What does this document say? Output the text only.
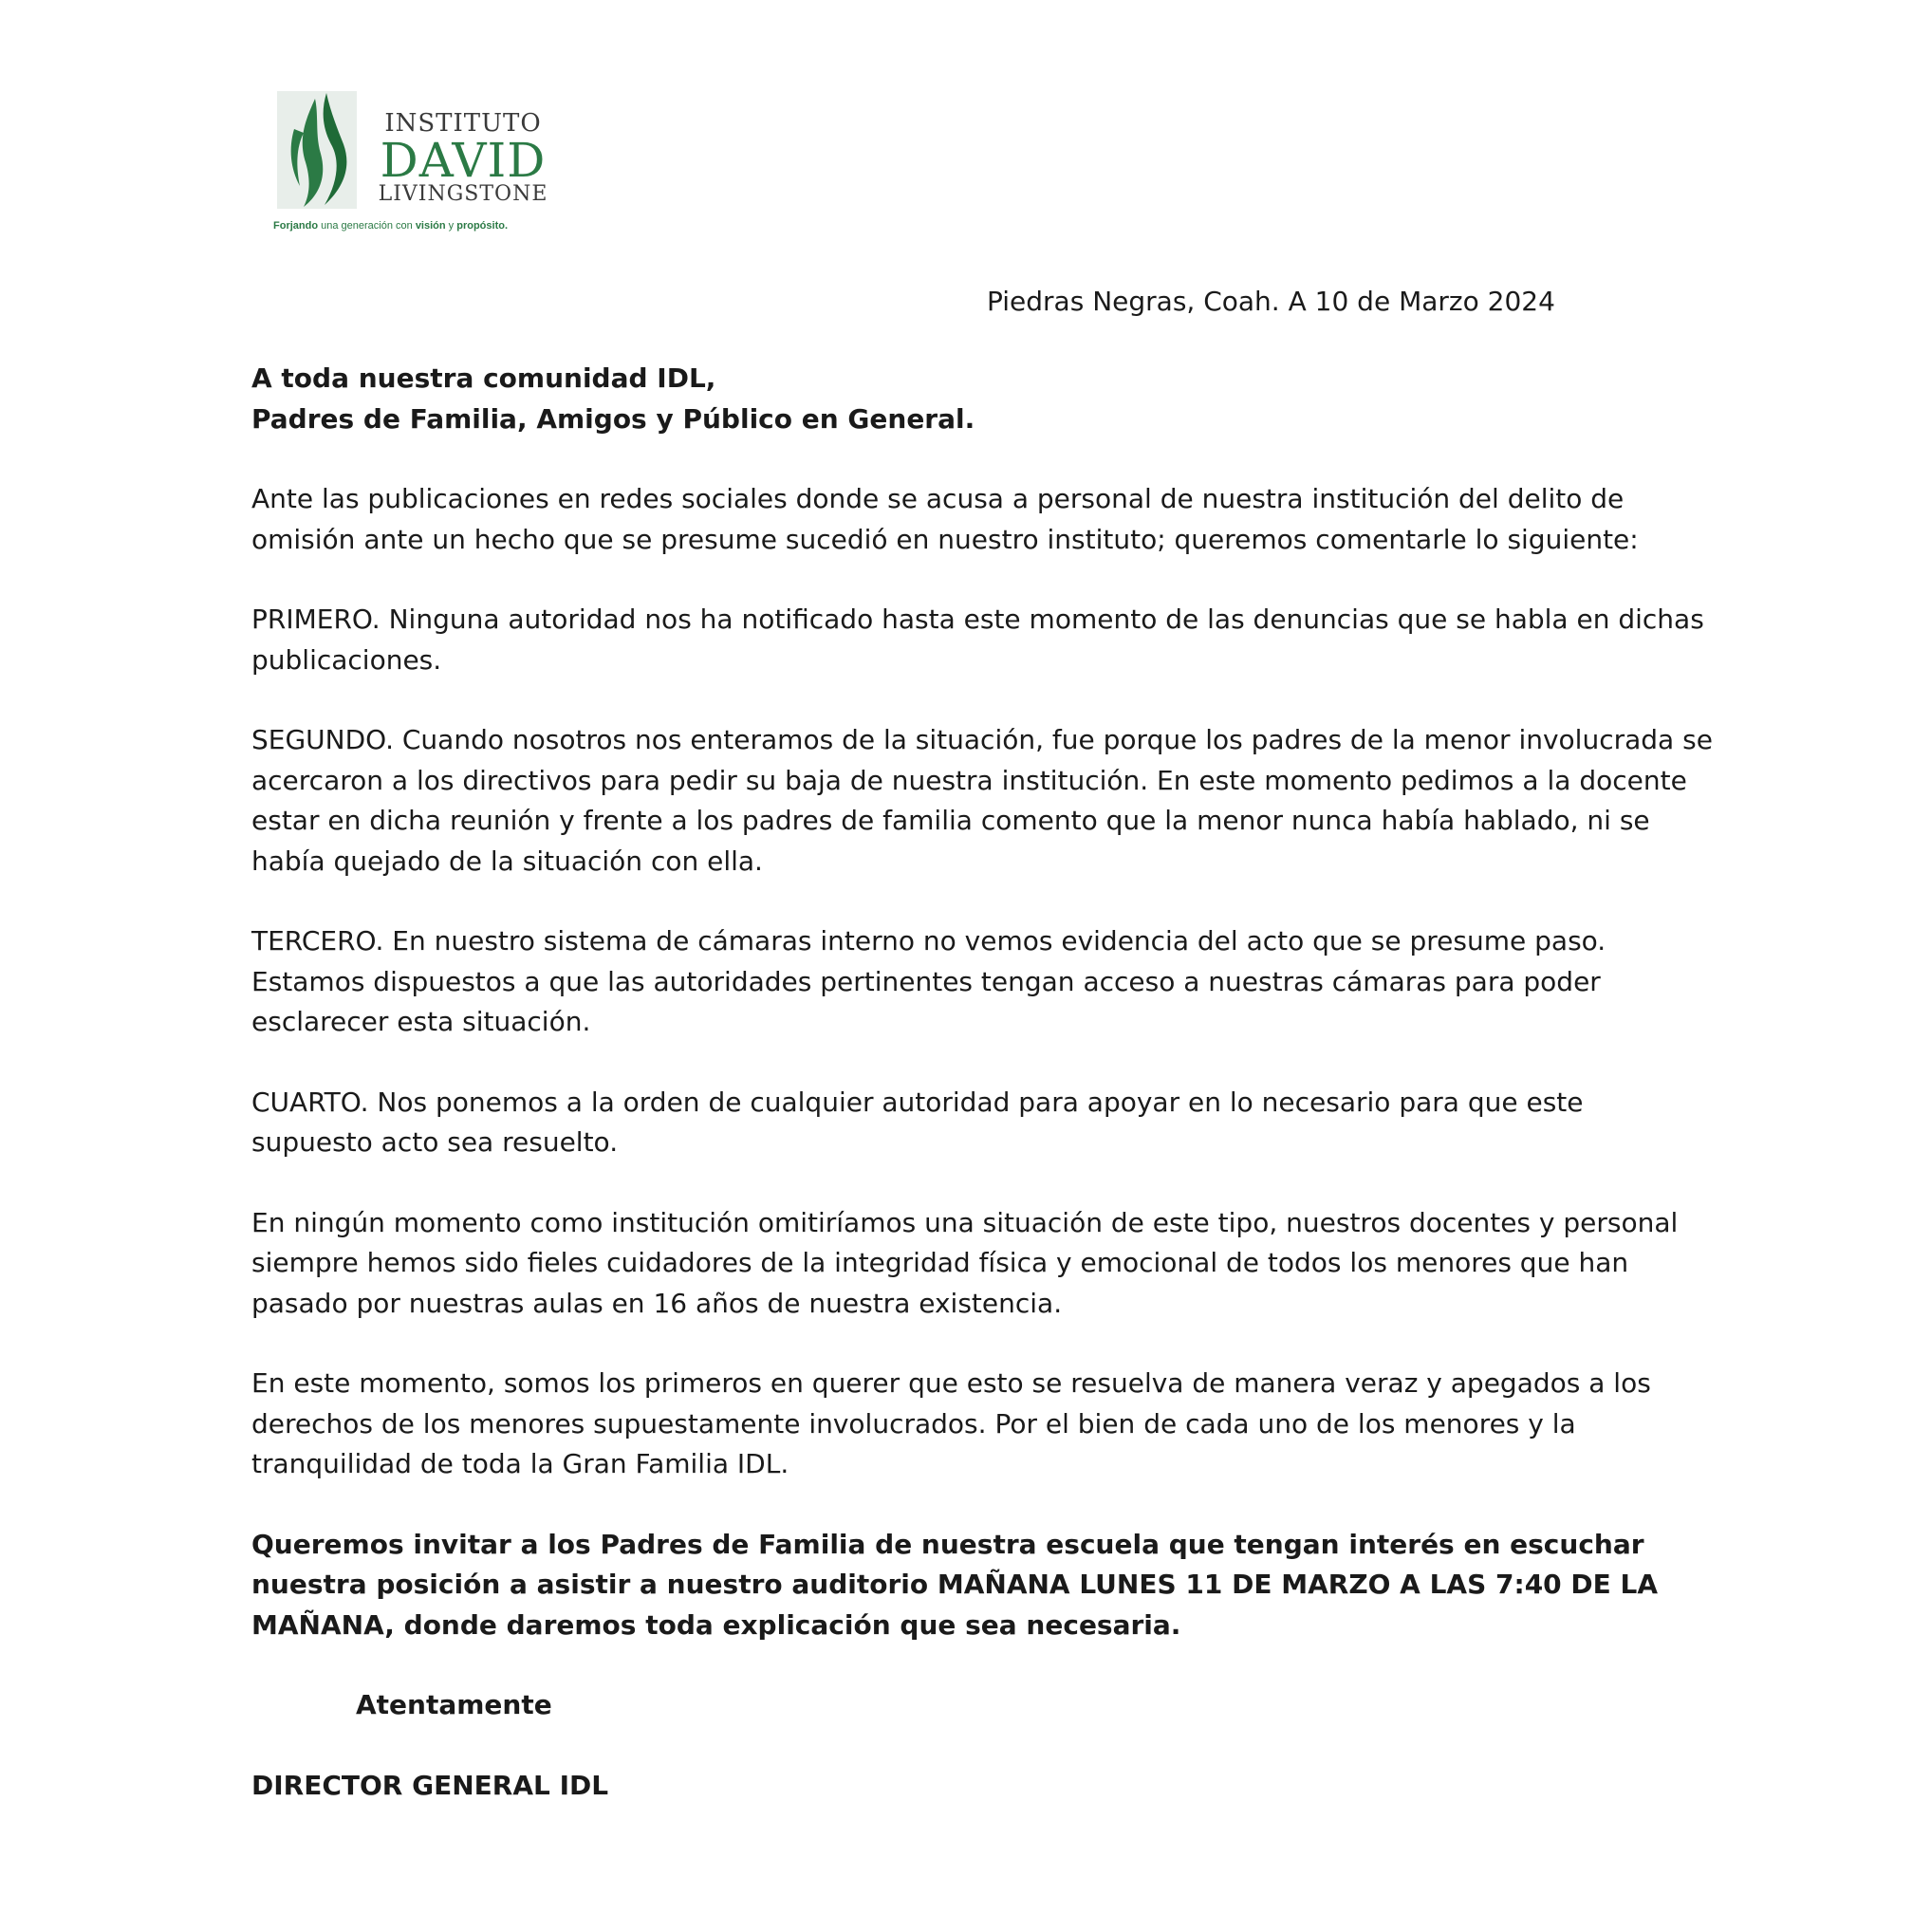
INSTITUTO
DAVID
LIVINGSTONE
Forjando una generación con visión y propósito.
Piedras Negras, Coah. A 10 de Marzo 2024

A toda nuestra comunidad IDL,
Padres de Familia, Amigos y Público en General.

Ante las publicaciones en redes sociales donde se acusa a personal de nuestra institución del delito de omisión ante un hecho que se presume sucedió en nuestro instituto; queremos comentarle lo siguiente:

PRIMERO. Ninguna autoridad nos ha notificado hasta este momento de las denuncias que se habla en dichas publicaciones.

SEGUNDO. Cuando nosotros nos enteramos de la situación, fue porque los padres de la menor involucrada se acercaron a los directivos para pedir su baja de nuestra institución. En este momento pedimos a la docente estar en dicha reunión y frente a los padres de familia comento que la menor nunca había hablado, ni se había quejado de la situación con ella.

TERCERO. En nuestro sistema de cámaras interno no vemos evidencia del acto que se presume paso. Estamos dispuestos a que las autoridades pertinentes tengan acceso a nuestras cámaras para poder esclarecer esta situación.

CUARTO. Nos ponemos a la orden de cualquier autoridad para apoyar en lo necesario para que este supuesto acto sea resuelto.

En ningún momento como institución omitiríamos una situación de este tipo, nuestros docentes y personal siempre hemos sido fieles cuidadores de la integridad física y emocional de todos los menores que han pasado por nuestras aulas en 16 años de nuestra existencia.

En este momento, somos los primeros en querer que esto se resuelva de manera veraz y apegados a los derechos de los menores supuestamente involucrados. Por el bien de cada uno de los menores y la tranquilidad de toda la Gran Familia IDL.

Queremos invitar a los Padres de Familia de nuestra escuela que tengan interés en escuchar nuestra posición a asistir a nuestro auditorio MAÑANA LUNES 11 DE MARZO A LAS 7:40 DE LA MAÑANA, donde daremos toda explicación que sea necesaria.

Atentamente

DIRECTOR GENERAL IDL
